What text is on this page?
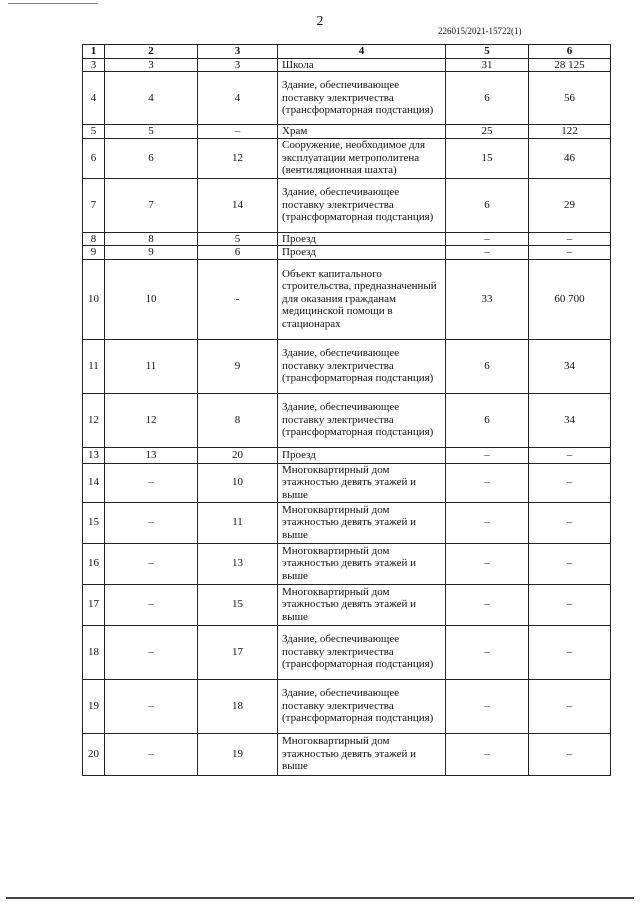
2
226015/2021-15722(1)
1	2	3	4	5	6
3	3	3	Школа	31	28 125
4	4	4	Здание, обеспечивающее поставку электричества (трансформаторная подстанция)	6	56
5	5	–	Храм	25	122
6	6	12	Сооружение, необходимое для эксплуатации метрополитена (вентиляционная шахта)	15	46
7	7	14	Здание, обеспечивающее поставку электричества (трансформаторная подстанция)	6	29
8	8	5	Проезд	–	–
9	9	6	Проезд	–	–
10	10	-	Объект капитального строительства, предназначенный для оказания гражданам медицинской помощи в стационарах	33	60 700
11	11	9	Здание, обеспечивающее поставку электричества (трансформаторная подстанция)	6	34
12	12	8	Здание, обеспечивающее поставку электричества (трансформаторная подстанция)	6	34
13	13	20	Проезд	–	–
14	–	10	Многоквартирный дом этажностью девять этажей и выше	–	–
15	–	11	Многоквартирный дом этажностью девять этажей и выше	–	–
16	–	13	Многоквартирный дом этажностью девять этажей и выше	–	–
17	–	15	Многоквартирный дом этажностью девять этажей и выше	–	–
18	–	17	Здание, обеспечивающее поставку электричества (трансформаторная подстанция)	–	–
19	–	18	Здание, обеспечивающее поставку электричества (трансформаторная подстанция)	–	–
20	–	19	Многоквартирный дом этажностью девять этажей и выше	–	–
